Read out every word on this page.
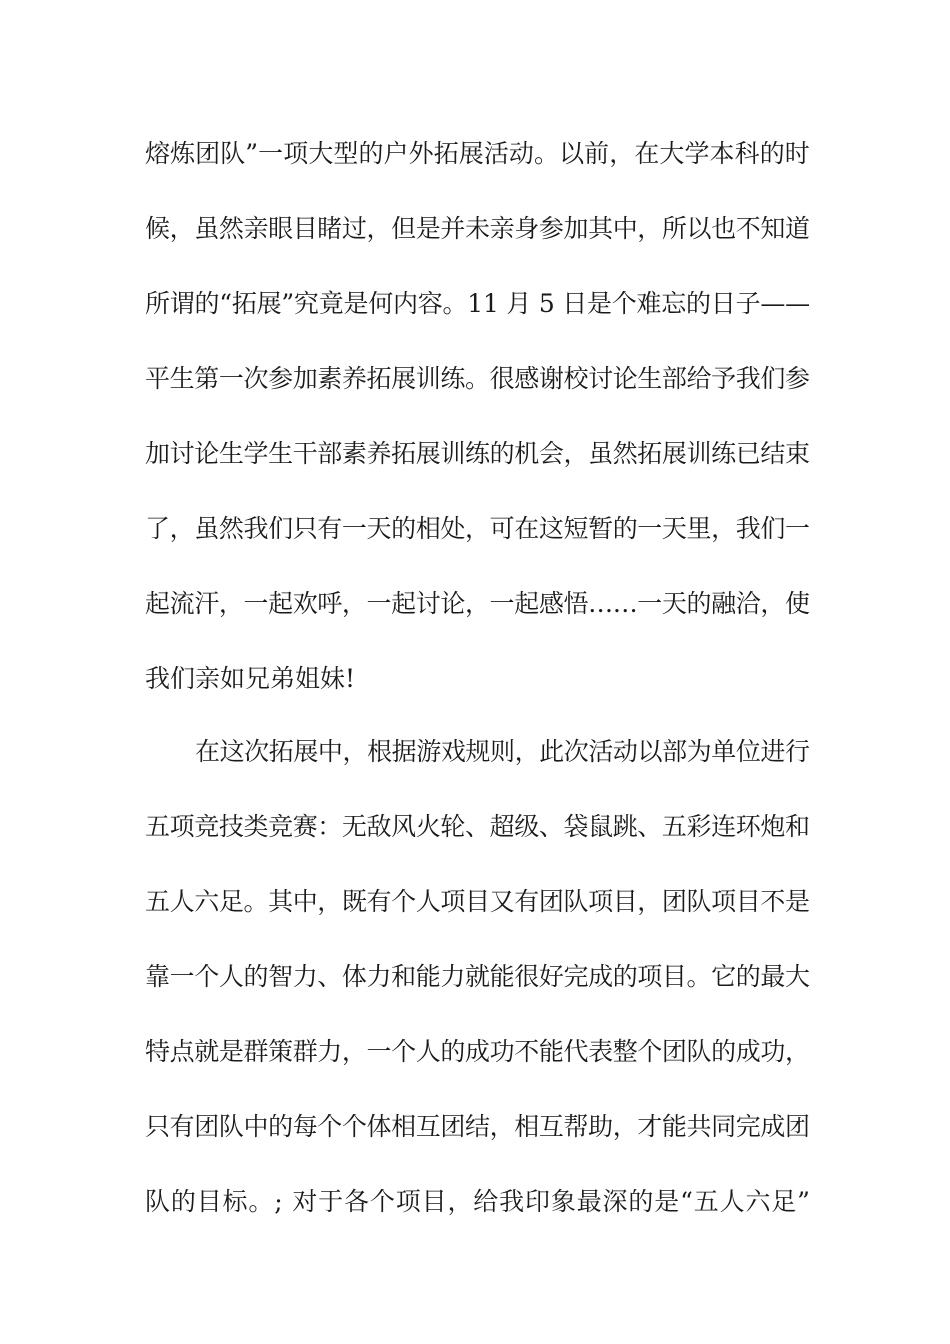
熔炼团队”一项大型的户外拓展活动。以前，在大学本科的时
候，虽然亲眼目睹过，但是并未亲身参加其中，所以也不知道
所谓的“拓展”究竟是何内容。11 月 5 日是个难忘的日子——
平生第一次参加素养拓展训练。很感谢校讨论生部给予我们参
加讨论生学生干部素养拓展训练的机会，虽然拓展训练已结束
了，虽然我们只有一天的相处，可在这短暂的一天里，我们一
起流汗，一起欢呼，一起讨论，一起感悟……一天的融洽，使
我们亲如兄弟姐妹!
在这次拓展中，根据游戏规则，此次活动以部为单位进行
五项竞技类竞赛：无敌风火轮、超级、袋鼠跳、五彩连环炮和
五人六足。其中，既有个人项目又有团队项目，团队项目不是
靠一个人的智力、体力和能力就能很好完成的项目。它的最大
特点就是群策群力，一个人的成功不能代表整个团队的成功，
只有团队中的每个个体相互团结，相互帮助，才能共同完成团
队的目标。; 对于各个项目，给我印象最深的是“五人六足”
